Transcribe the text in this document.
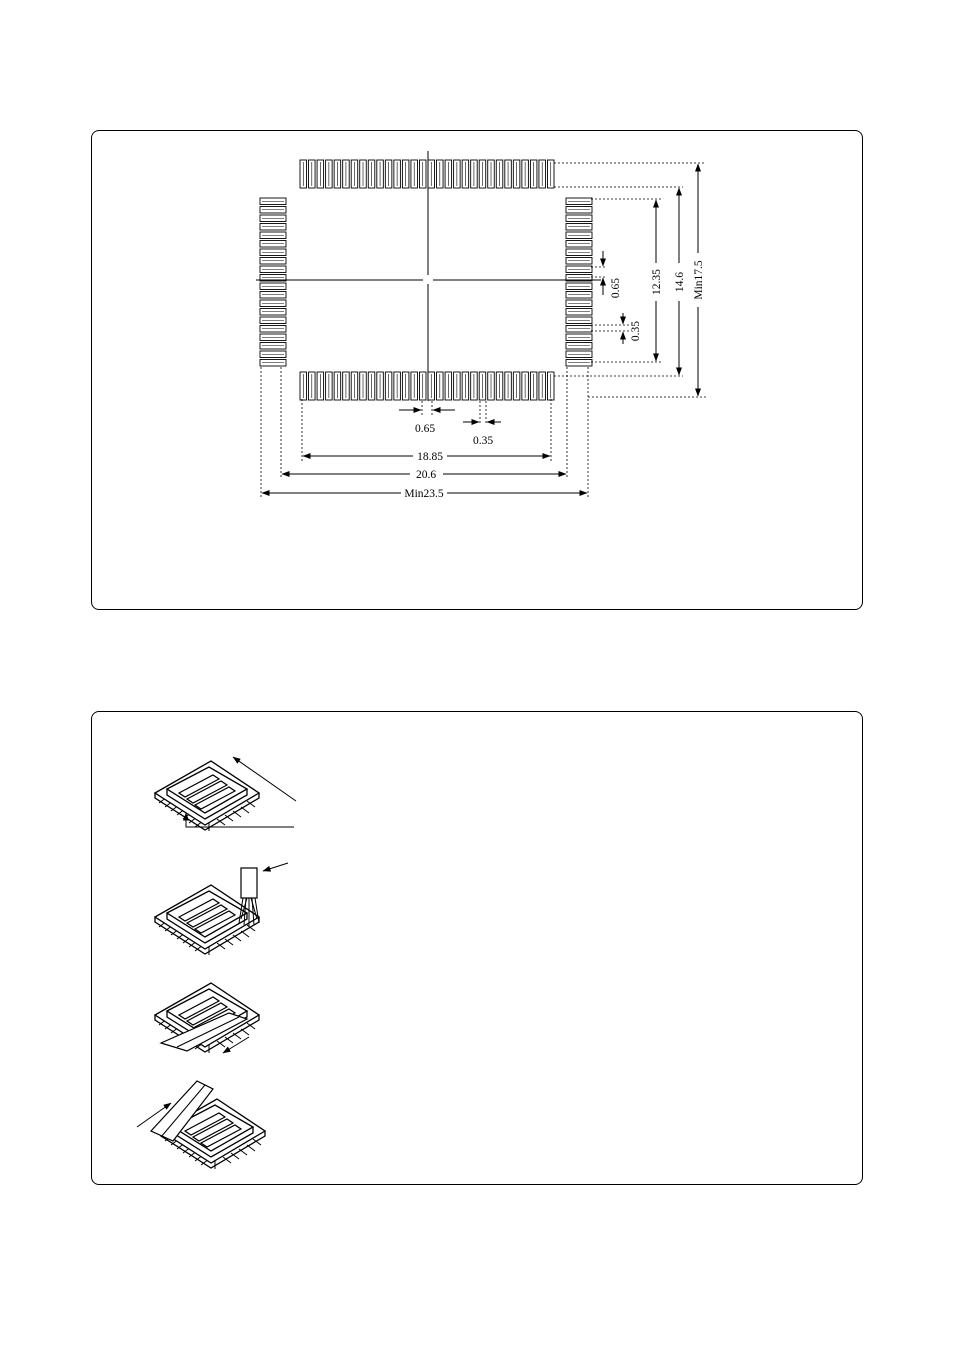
0.65
0.35
18.85
20.6
Min23.5
12.35 14.6 Min17.5
0.65
0.35
